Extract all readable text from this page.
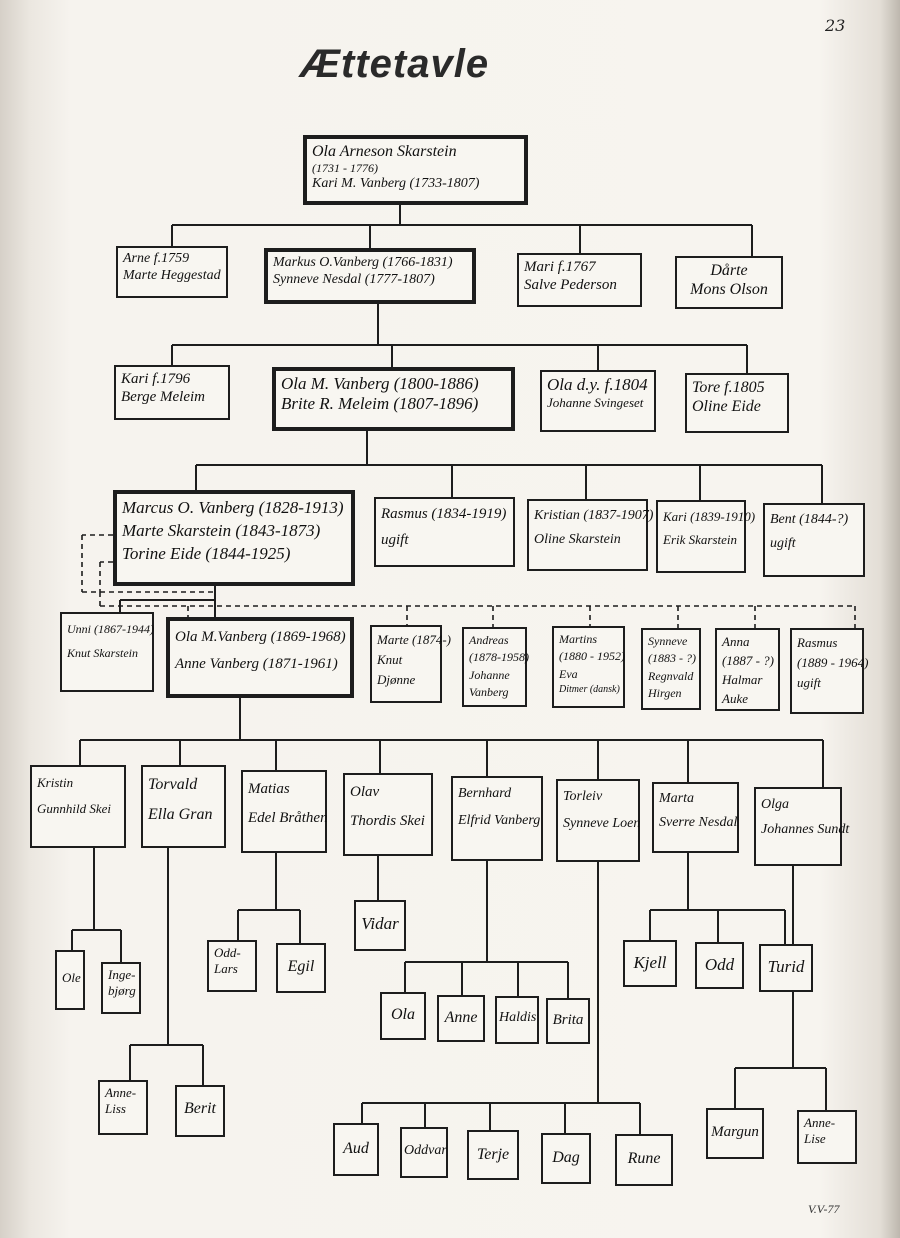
23
Ættetavle
Ola Arneson Skarstein
(1731 - 1776)
Kari M. Vanberg (1733-1807)
Arne f.1759
Marte Heggestad
Markus O.Vanberg (1766-1831)
Synneve Nesdal (1777-1807)
Mari f.1767
Salve Pederson
Dårte
Mons Olson
Kari f.1796
Berge Meleim
Ola M. Vanberg (1800-1886)
Brite R. Meleim (1807-1896)
Ola d.y. f.1804
Johanne Svingeset
Tore f.1805
Oline Eide
Marcus O. Vanberg (1828-1913)
Marte Skarstein (1843-1873)
Torine Eide (1844-1925)
Rasmus (1834-1919)
ugift
Kristian (1837-1907)
Oline Skarstein
Kari (1839-1910)
Erik Skarstein
Bent (1844-?)
ugift
Unni (1867-1944)
Knut Skarstein
Ola M.Vanberg (1869-1968)
Anne Vanberg (1871-1961)
Marte (1874-)
Knut
Djønne
Andreas
(1878-1958)
Johanne
Vanberg
Martins
(1880 - 1952)
Eva
Ditmer (dansk)
Synneve
(1883 - ?)
Regnvald
Hirgen
Anna
(1887 - ?)
Halmar
Auke
Rasmus
(1889 - 1964)
ugift
Kristin
Gunnhild Skei
Torvald
Ella Gran
Matias
Edel Bråthen
Olav
Thordis Skei
Bernhard
Elfrid Vanberg
Torleiv
Synneve Loen
Marta
Sverre Nesdal
Olga
Johannes Sundt
Ole Inge-
bjørg
Odd-
Lars	Egil
Vidar
Ola Anne Haldis Brita
Kjell Odd Turid
Anne-
Liss	Berit
Aud	Oddvar Terje	Dag	Rune
Margun
Anne-
Lise
V.V-77
